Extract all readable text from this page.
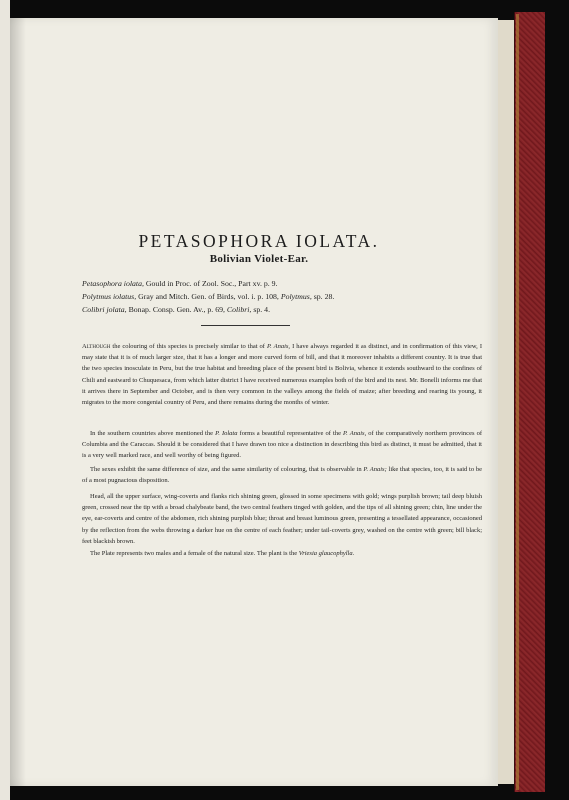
PETASOPHORA IOLATA.
Bolivian Violet-Ear.
Petasophora iolata, Gould in Proc. of Zool. Soc., Part xv. p. 9.
Polytmus iolatus, Gray and Mitch. Gen. of Birds, vol. i. p. 108, Polytmus, sp. 28.
Colibri jolata, Bonap. Consp. Gen. Av., p. 69, Colibri, sp. 4.

Although the colouring of this species is precisely similar to that of P. Anais, I have always regarded it as distinct, and in confirmation of this view, I may state that it is of much larger size, that it has a longer and more curved form of bill, and that it moreover inhabits a different country. It is true that the two species inosculate in Peru, but the true habitat and breeding place of the present bird is Bolivia, whence it extends southward to the confines of Chili and eastward to Chuquesaca, from which latter district I have received numerous examples both of the bird and its nest. Mr. Bonelli informs me that it arrives there in September and October, and is then very common in the valleys among the fields of maize; after breeding and rearing its young, it migrates to the more congenial country of Peru, and there remains during the months of winter.

In the southern countries above mentioned the P. Iolata forms a beautiful representative of the P. Anais, of the comparatively northern provinces of Columbia and the Caraccas. Should it be considered that I have drawn too nice a distinction in describing this bird as distinct, it must be admitted, that it is a very well marked race, and well worthy of being figured.

The sexes exhibit the same difference of size, and the same similarity of colouring, that is observable in P. Anais; like that species, too, it is said to be of a most pugnacious disposition.

Head, all the upper surface, wing-coverts and flanks rich shining green, glossed in some specimens with gold; wings purplish brown; tail deep bluish green, crossed near the tip with a broad chalybeate band, the two central feathers tinged with golden, and the tips of all shining green; chin, line under the eye, ear-coverts and centre of the abdomen, rich shining purplish blue; throat and breast luminous green, presenting a tessellated appearance, occasioned by the reflection from the webs throwing a darker hue on the centre of each feather; under tail-coverts grey, washed on the centre with green; bill black; feet blackish brown.

The Plate represents two males and a female of the natural size. The plant is the Vriesia glaucophylla.
